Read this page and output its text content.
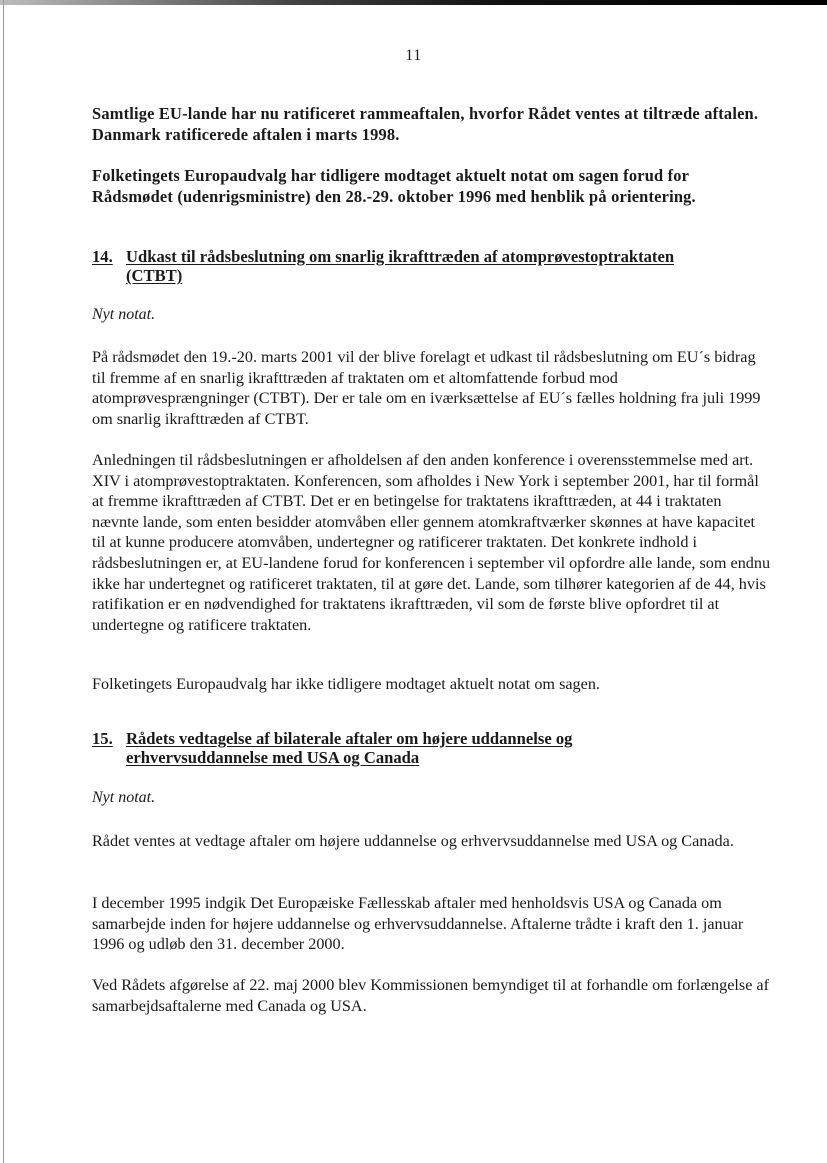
11

Samtlige EU-lande har nu ratificeret rammeaftalen, hvorfor Rådet ventes at tiltræde aftalen. Danmark ratificerede aftalen i marts 1998.

Folketingets Europaudvalg har tidligere modtaget aktuelt notat om sagen forud for Rådsmødet (udenrigsministre) den 28.-29. oktober 1996 med henblik på orientering.

14. Udkast til rådsbeslutning om snarlig ikrafttræden af atomprøvestoptraktaten (CTBT)
Nyt notat.

På rådsmødet den 19.-20. marts 2001 vil der blive forelagt et udkast til rådsbeslutning om EU´s bidrag til fremme af en snarlig ikrafttræden af traktaten om et altomfattende forbud mod atomprøvesprængninger (CTBT). Der er tale om en iværksættelse af EU´s fælles holdning fra juli 1999 om snarlig ikrafttræden af CTBT.

Anledningen til rådsbeslutningen er afholdelsen af den anden konference i overensstemmelse med art. XIV i atomprøvestoptraktaten. Konferencen, som afholdes i New York i september 2001, har til formål at fremme ikrafttræden af CTBT. Det er en betingelse for traktatens ikrafttræden, at 44 i traktaten nævnte lande, som enten besidder atomvåben eller gennem atomkraftværker skønnes at have kapacitet til at kunne producere atomvåben, undertegner og ratificerer traktaten. Det konkrete indhold i rådsbeslutningen er, at EU-landene forud for konferencen i september vil opfordre alle lande, som endnu ikke har undertegnet og ratificeret traktaten, til at gøre det. Lande, som tilhører kategorien af de 44, hvis ratifikation er en nødvendighed for traktatens ikrafttræden, vil som de første blive opfordret til at undertegne og ratificere traktaten.

Folketingets Europaudvalg har ikke tidligere modtaget aktuelt notat om sagen.

15. Rådets vedtagelse af bilaterale aftaler om højere uddannelse og erhvervsuddannelse med USA og Canada
Nyt notat.

Rådet ventes at vedtage aftaler om højere uddannelse og erhvervsuddannelse med USA og Canada.

I december 1995 indgik Det Europæiske Fællesskab aftaler med henholdsvis USA og Canada om samarbejde inden for højere uddannelse og erhvervsuddannelse. Aftalerne trådte i kraft den 1. januar 1996 og udløb den 31. december 2000.

Ved Rådets afgørelse af 22. maj 2000 blev Kommissionen bemyndiget til at forhandle om forlængelse af samarbejdsaftalerne med Canada og USA.
